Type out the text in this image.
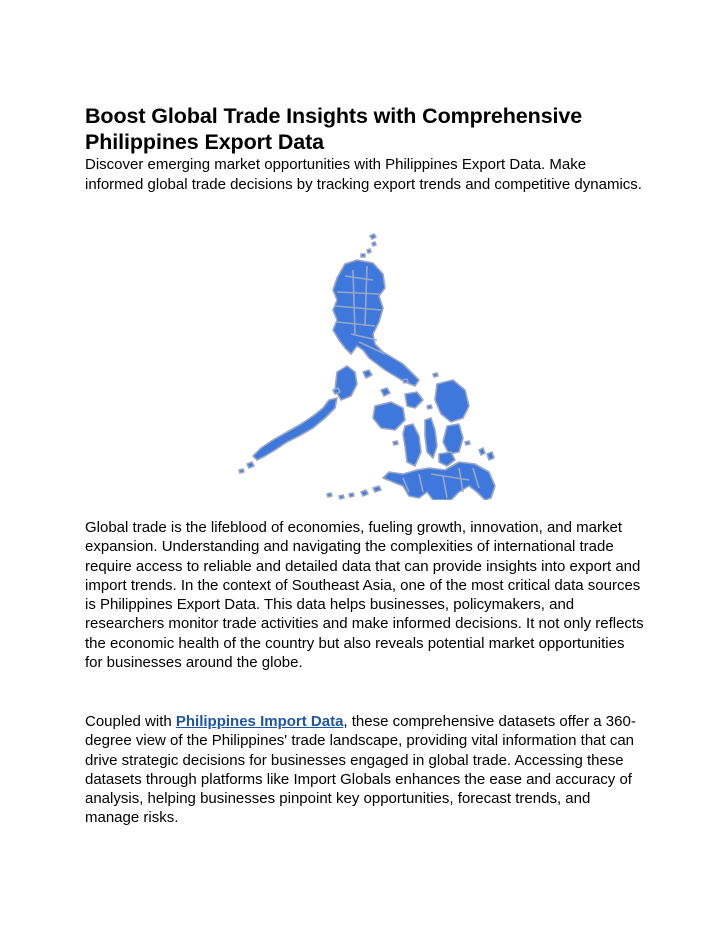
Boost Global Trade Insights with Comprehensive Philippines Export Data

Discover emerging market opportunities with Philippines Export Data. Make informed global trade decisions by tracking export trends and competitive dynamics.

Global trade is the lifeblood of economies, fueling growth, innovation, and market expansion. Understanding and navigating the complexities of international trade require access to reliable and detailed data that can provide insights into export and import trends. In the context of Southeast Asia, one of the most critical data sources is Philippines Export Data. This data helps businesses, policymakers, and researchers monitor trade activities and make informed decisions. It not only reflects the economic health of the country but also reveals potential market opportunities for businesses around the globe.

Coupled with Philippines Import Data, these comprehensive datasets offer a 360-degree view of the Philippines' trade landscape, providing vital information that can drive strategic decisions for businesses engaged in global trade. Accessing these datasets through platforms like Import Globals enhances the ease and accuracy of analysis, helping businesses pinpoint key opportunities, forecast trends, and manage risks.
